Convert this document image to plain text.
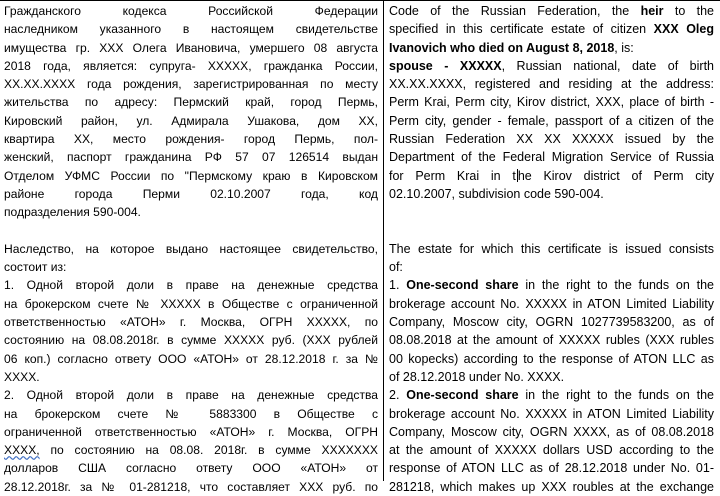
Гражданского кодекса Российской Федерации
наследником указанного в настоящем свидетельстве
имущества гр. ХХХ Олега Ивановича, умершего 08 августа
2018 года, является: супруга- ХХХХХ, гражданка России,
ХХ.ХХ.ХХХХ года рождения, зарегистрированная по месту
жительства по адресу: Пермский край, город Пермь,
Кировский район, ул. Адмирала Ушакова, дом ХХ,
квартира ХХ, место рождения- город Пермь, пол-
женский, паспорт гражданина РФ 57 07 126514 выдан
Отделом УФМС России по "Пермскому краю в Кировском
районе города Перми 02.10.2007 года, код
подразделения 590-004.
Наследство, на которое выдано настоящее свидетельство,
состоит из:
1. Одной второй доли в праве на денежные средства
на брокерском счете № ХХХХХ в Обществе с ограниченной
ответственностью «АТОН» г. Москва, ОГРН ХХХХХ, по
состоянию на 08.08.2018г. в сумме ХХХХХ руб. (ХХХ рублей
06 коп.) согласно ответу ООО «АТОН» от 28.12.2018 г. за №
ХХХХ.
2. Одной второй доли в праве на денежные средства
на брокерском счете № 5883300 в Обществе с
ограниченной ответственностью «АТОН» г. Москва, ОГРН
ХХХХ, по состоянию на 08.08. 2018г. в сумме ХХХХХХХ
долларов США согласно ответу ООО «АТОН» от
28.12.2018г. за № 01-281218, что составляет ХХХ руб. по
Code of the Russian Federation, the heir to the
specified in this certificate estate of citizen XXX Oleg
Ivanovich who died on August 8, 2018, is:
spouse - XXXXX, Russian national, date of birth
XX.XX.XXXX, registered and residing at the address:
Perm Krai, Perm city, Kirov district, XXX, place of birth -
Perm city, gender - female, passport of a citizen of the
Russian Federation XX XX XXXXX issued by the
Department of the Federal Migration Service of Russia
for Perm Krai in t he Kirov district of Perm city
02.10.2007, subdivision code 590-004.
The estate for which this certificate is issued consists
of:
1. One-second share in the right to the funds on the
brokerage account No. XXXXX in ATON Limited Liability
Company, Moscow city, OGRN 1027739583200, as of
08.08.2018 at the amount of XXXXX rubles (XXX rubles
00 kopecks) according to the response of ATON LLC as
of 28.12.2018 under No. XXXX.
2. One-second share in the right to the funds on the
brokerage account No. XXXXX in ATON Limited Liability
Company, Moscow city, OGRN XXXX, as of 08.08.2018
at the amount of XXXXX dollars USD according to the
response of ATON LLC as of 28.12.2018 under No. 01-
281218, which makes up XXX roubles at the exchange
